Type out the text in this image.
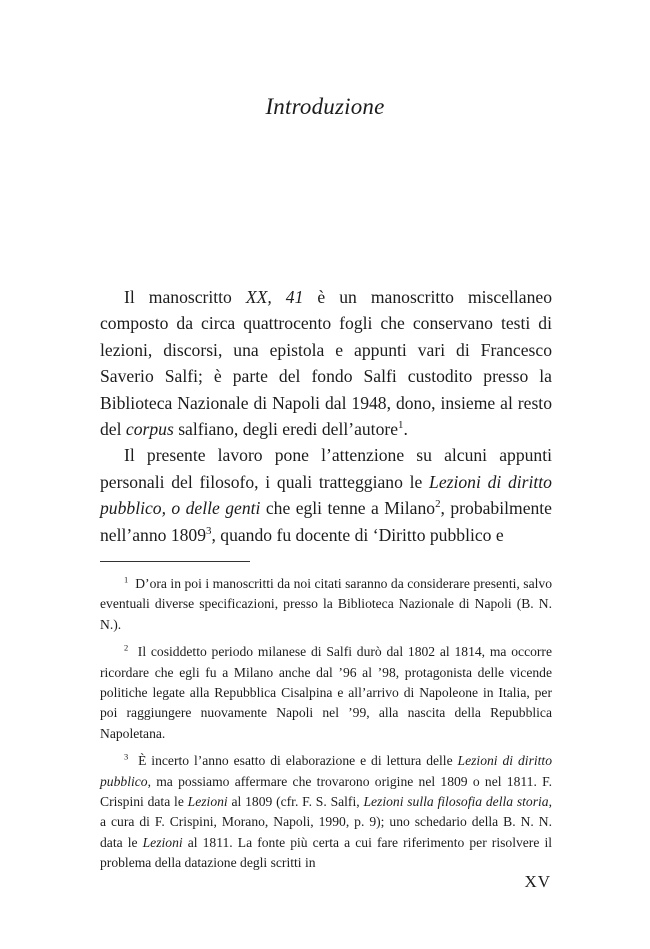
Introduzione

Il manoscritto XX, 41 è un manoscritto miscellaneo composto da circa quattrocento fogli che conservano testi di lezioni, discorsi, una epistola e appunti vari di Francesco Saverio Salfi; è parte del fondo Salfi custodito presso la Biblioteca Nazionale di Napoli dal 1948, dono, insieme al resto del corpus salfiano, degli eredi dell’autore$^1$.

Il presente lavoro pone l’attenzione su alcuni appunti personali del filosofo, i quali tratteggiano le Lezioni di diritto pubblico, o delle genti che egli tenne a Milano$^2$, probabilmente nell’anno 1809$^3$, quando fu docente di ‘Diritto pubblico e

$^1$ D’ora in poi i manoscritti da noi citati saranno da considerare presenti, salvo eventuali diverse specificazioni, presso la Biblioteca Nazionale di Napoli (B. N. N.).

$^2$ Il cosiddetto periodo milanese di Salfi durò dal 1802 al 1814, ma occorre ricordare che egli fu a Milano anche dal ’96 al ’98, protagonista delle vicende politiche legate alla Repubblica Cisalpina e all’arrivo di Napoleone in Italia, per poi raggiungere nuovamente Napoli nel ’99, alla nascita della Repubblica Napoletana.

$^3$ È incerto l’anno esatto di elaborazione e di lettura delle Lezioni di diritto pubblico, ma possiamo affermare che trovarono origine nel 1809 o nel 1811. F. Crispini data le Lezioni al 1809 (cfr. F. S. Salfi, Lezioni sulla filosofia della storia, a cura di F. Crispini, Morano, Napoli, 1990, p. 9); uno schedario della B. N. N. data le Lezioni al 1811. La fonte più certa a cui fare riferimento per risolvere il problema della datazione degli scritti in

XV
